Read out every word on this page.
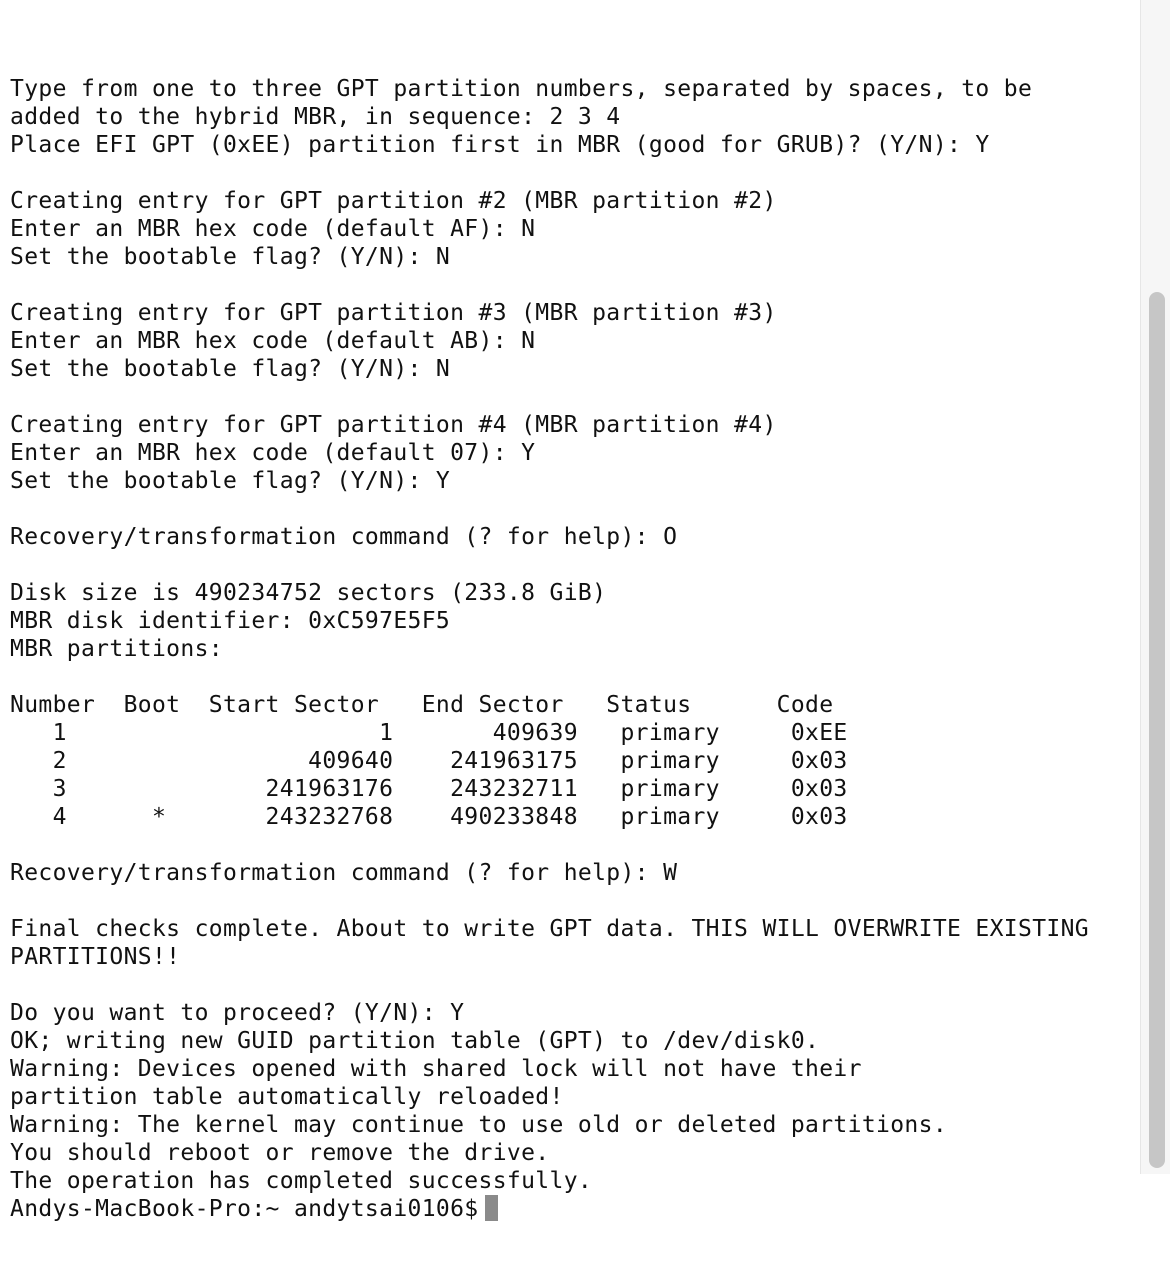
Type from one to three GPT partition numbers, separated by spaces, to be
added to the hybrid MBR, in sequence: 2 3 4
Place EFI GPT (0xEE) partition first in MBR (good for GRUB)? (Y/N): Y
Creating entry for GPT partition #2 (MBR partition #2)
Enter an MBR hex code (default AF): N
Set the bootable flag? (Y/N): N
Creating entry for GPT partition #3 (MBR partition #3)
Enter an MBR hex code (default AB): N
Set the bootable flag? (Y/N): N
Creating entry for GPT partition #4 (MBR partition #4)
Enter an MBR hex code (default 07): Y
Set the bootable flag? (Y/N): Y
Recovery/transformation command (? for help): O
Disk size is 490234752 sectors (233.8 GiB)
MBR disk identifier: 0xC597E5F5
MBR partitions:
Number  Boot  Start Sector   End Sector   Status      Code
1                      1       409639   primary     0xEE
2                 409640    241963175   primary     0x03
3              241963176    243232711   primary     0x03
4      *       243232768    490233848   primary     0x03
Recovery/transformation command (? for help): W
Final checks complete. About to write GPT data. THIS WILL OVERWRITE EXISTING
PARTITIONS!!
Do you want to proceed? (Y/N): Y
OK; writing new GUID partition table (GPT) to /dev/disk0.
Warning: Devices opened with shared lock will not have their
partition table automatically reloaded!
Warning: The kernel may continue to use old or deleted partitions.
You should reboot or remove the drive.
The operation has completed successfully.
Andys-MacBook-Pro:~ andytsai0106$
